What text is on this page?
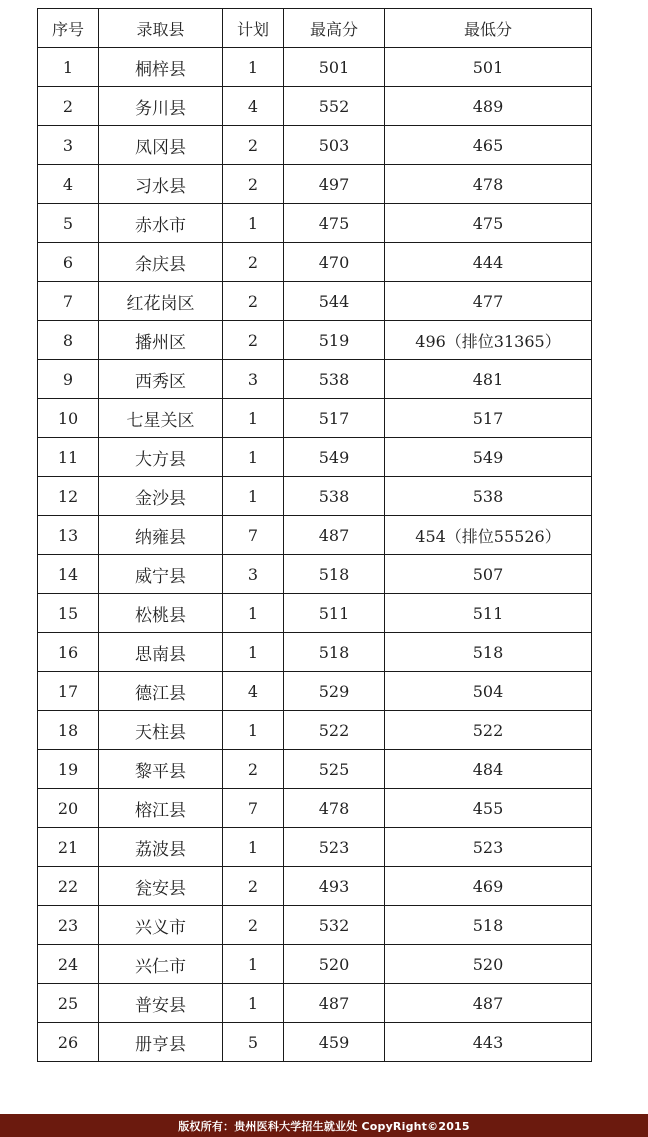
序号	录取县	计划	最高分	最低分
1	桐梓县	1	501	501
2	务川县	4	552	489
3	凤冈县	2	503	465
4	习水县	2	497	478
5	赤水市	1	475	475
6	余庆县	2	470	444
7	红花岗区	2	544	477
8	播州区	2	519	496（排位31365）
9	西秀区	3	538	481
10	七星关区	1	517	517
11	大方县	1	549	549
12	金沙县	1	538	538
13	纳雍县	7	487	454（排位55526）
14	威宁县	3	518	507
15	松桃县	1	511	511
16	思南县	1	518	518
17	德江县	4	529	504
18	天柱县	1	522	522
19	黎平县	2	525	484
20	榕江县	7	478	455
21	荔波县	1	523	523
22	瓮安县	2	493	469
23	兴义市	2	532	518
24	兴仁市	1	520	520
25	普安县	1	487	487
26	册亨县	5	459	443
版权所有：贵州医科大学招生就业处 CopyRight©2015
